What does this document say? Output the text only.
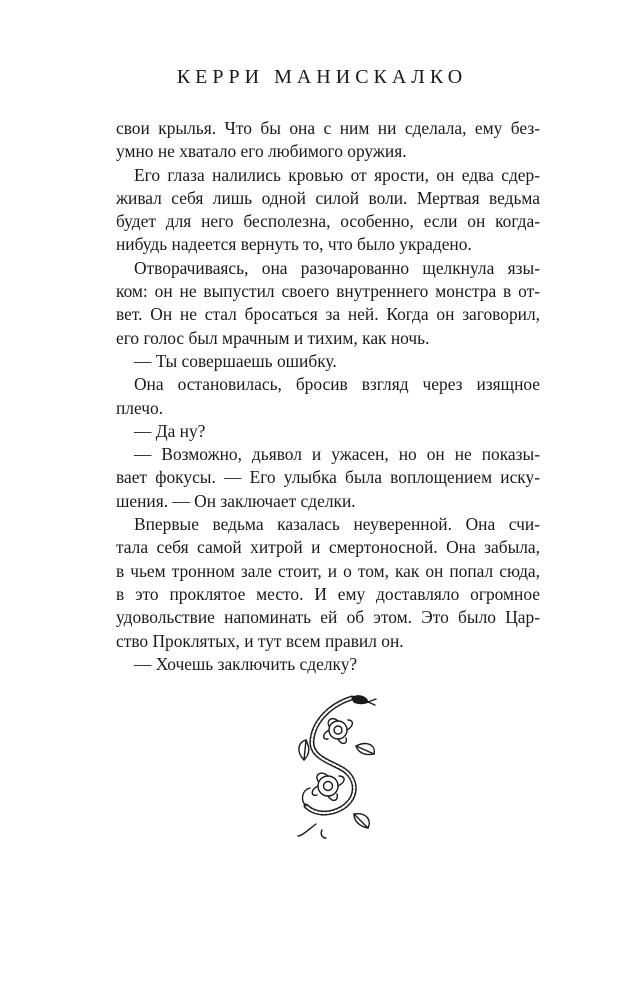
КЕРРИ МАНИСКАЛКО
свои крылья. Что бы она с ним ни сделала, ему без-
умно не хватало его любимого оружия.
Его глаза налились кровью от ярости, он едва сдер-
живал себя лишь одной силой воли. Мертвая ведьма
будет для него бесполезна, особенно, если он когда-
нибудь надеется вернуть то, что было украдено.
Отворачиваясь, она разочарованно щелкнула язы-
ком: он не выпустил своего внутреннего монстра в от-
вет. Он не стал бросаться за ней. Когда он заговорил,
его голос был мрачным и тихим, как ночь.
— Ты совершаешь ошибку.
Она остановилась, бросив взгляд через изящное
плечо.
— Да ну?
— Возможно, дьявол и ужасен, но он не показы-
вает фокусы. — Его улыбка была воплощением иску-
шения. — Он заключает сделки.
Впервые ведьма казалась неуверенной. Она счи-
тала себя самой хитрой и смертоносной. Она забыла,
в чьем тронном зале стоит, и о том, как он попал сюда,
в это проклятое место. И ему доставляло огромное
удовольствие напоминать ей об этом. Это было Цар-
ство Проклятых, и тут всем правил он.
— Хочешь заключить сделку?
